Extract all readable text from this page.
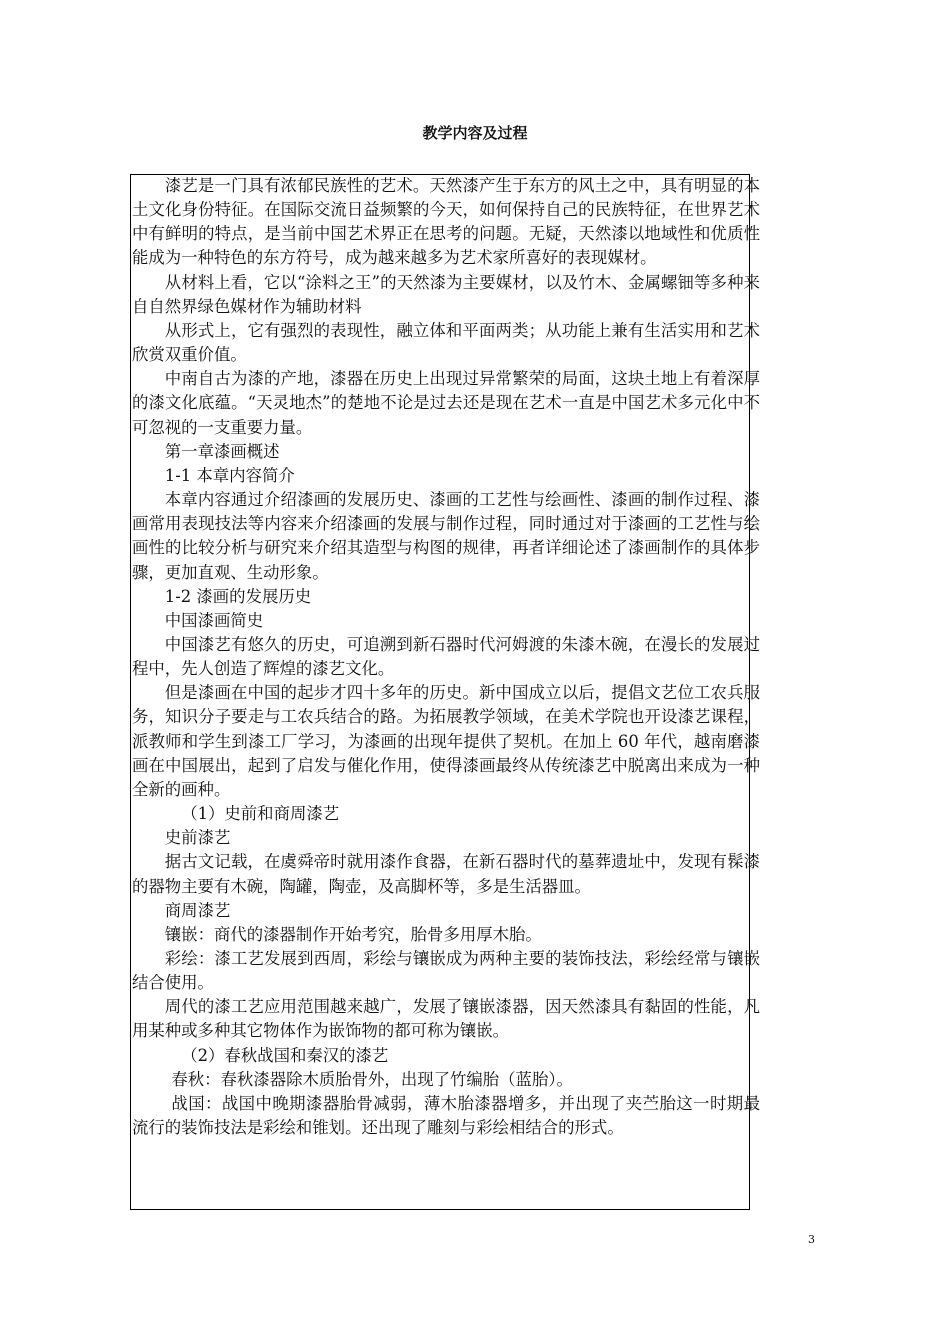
教学内容及过程

漆艺是一门具有浓郁民族性的艺术。天然漆产生于东方的风土之中，具有明显的本土文化身份特征。在国际交流日益频繁的今天，如何保持自己的民族特征，在世界艺术中有鲜明的特点，是当前中国艺术界正在思考的问题。无疑，天然漆以地域性和优质性能成为一种特色的东方符号，成为越来越多为艺术家所喜好的表现媒材。

从材料上看，它以“涂料之王”的天然漆为主要媒材，以及竹木、金属螺钿等多种来自自然界绿色媒材作为辅助材料

从形式上，它有强烈的表现性，融立体和平面两类；从功能上兼有生活实用和艺术欣赏双重价值。

中南自古为漆的产地，漆器在历史上出现过异常繁荣的局面，这块土地上有着深厚的漆文化底蕴。“天灵地杰”的楚地不论是过去还是现在艺术一直是中国艺术多元化中不可忽视的一支重要力量。

第一章漆画概述

1-1 本章内容简介

本章内容通过介绍漆画的发展历史、漆画的工艺性与绘画性、漆画的制作过程、漆画常用表现技法等内容来介绍漆画的发展与制作过程，同时通过对于漆画的工艺性与绘画性的比较分析与研究来介绍其造型与构图的规律，再者详细论述了漆画制作的具体步骤，更加直观、生动形象。

1-2 漆画的发展历史

中国漆画简史

中国漆艺有悠久的历史，可追溯到新石器时代河姆渡的朱漆木碗，在漫长的发展过程中，先人创造了辉煌的漆艺文化。

但是漆画在中国的起步才四十多年的历史。新中国成立以后，提倡文艺位工农兵服务，知识分子要走与工农兵结合的路。为拓展教学领域，在美术学院也开设漆艺课程，派教师和学生到漆工厂学习，为漆画的出现年提供了契机。在加上 60 年代，越南磨漆画在中国展出，起到了启发与催化作用，使得漆画最终从传统漆艺中脱离出来成为一种全新的画种。

（1）史前和商周漆艺

史前漆艺

据古文记载，在虞舜帝时就用漆作食器，在新石器时代的墓葬遗址中，发现有髹漆的器物主要有木碗，陶罐，陶壶，及高脚杯等，多是生活器皿。

商周漆艺

镶嵌：商代的漆器制作开始考究，胎骨多用厚木胎。

彩绘：漆工艺发展到西周，彩绘与镶嵌成为两种主要的装饰技法，彩绘经常与镶嵌结合使用。

周代的漆工艺应用范围越来越广，发展了镶嵌漆器，因天然漆具有黏固的性能，凡用某种或多种其它物体作为嵌饰物的都可称为镶嵌。

（2）春秋战国和秦汉的漆艺

春秋：春秋漆器除木质胎骨外，出现了竹编胎（蓝胎）。

战国：战国中晚期漆器胎骨减弱，薄木胎漆器增多，并出现了夹苎胎这一时期最流行的装饰技法是彩绘和锥划。还出现了雕刻与彩绘相结合的形式。

3
